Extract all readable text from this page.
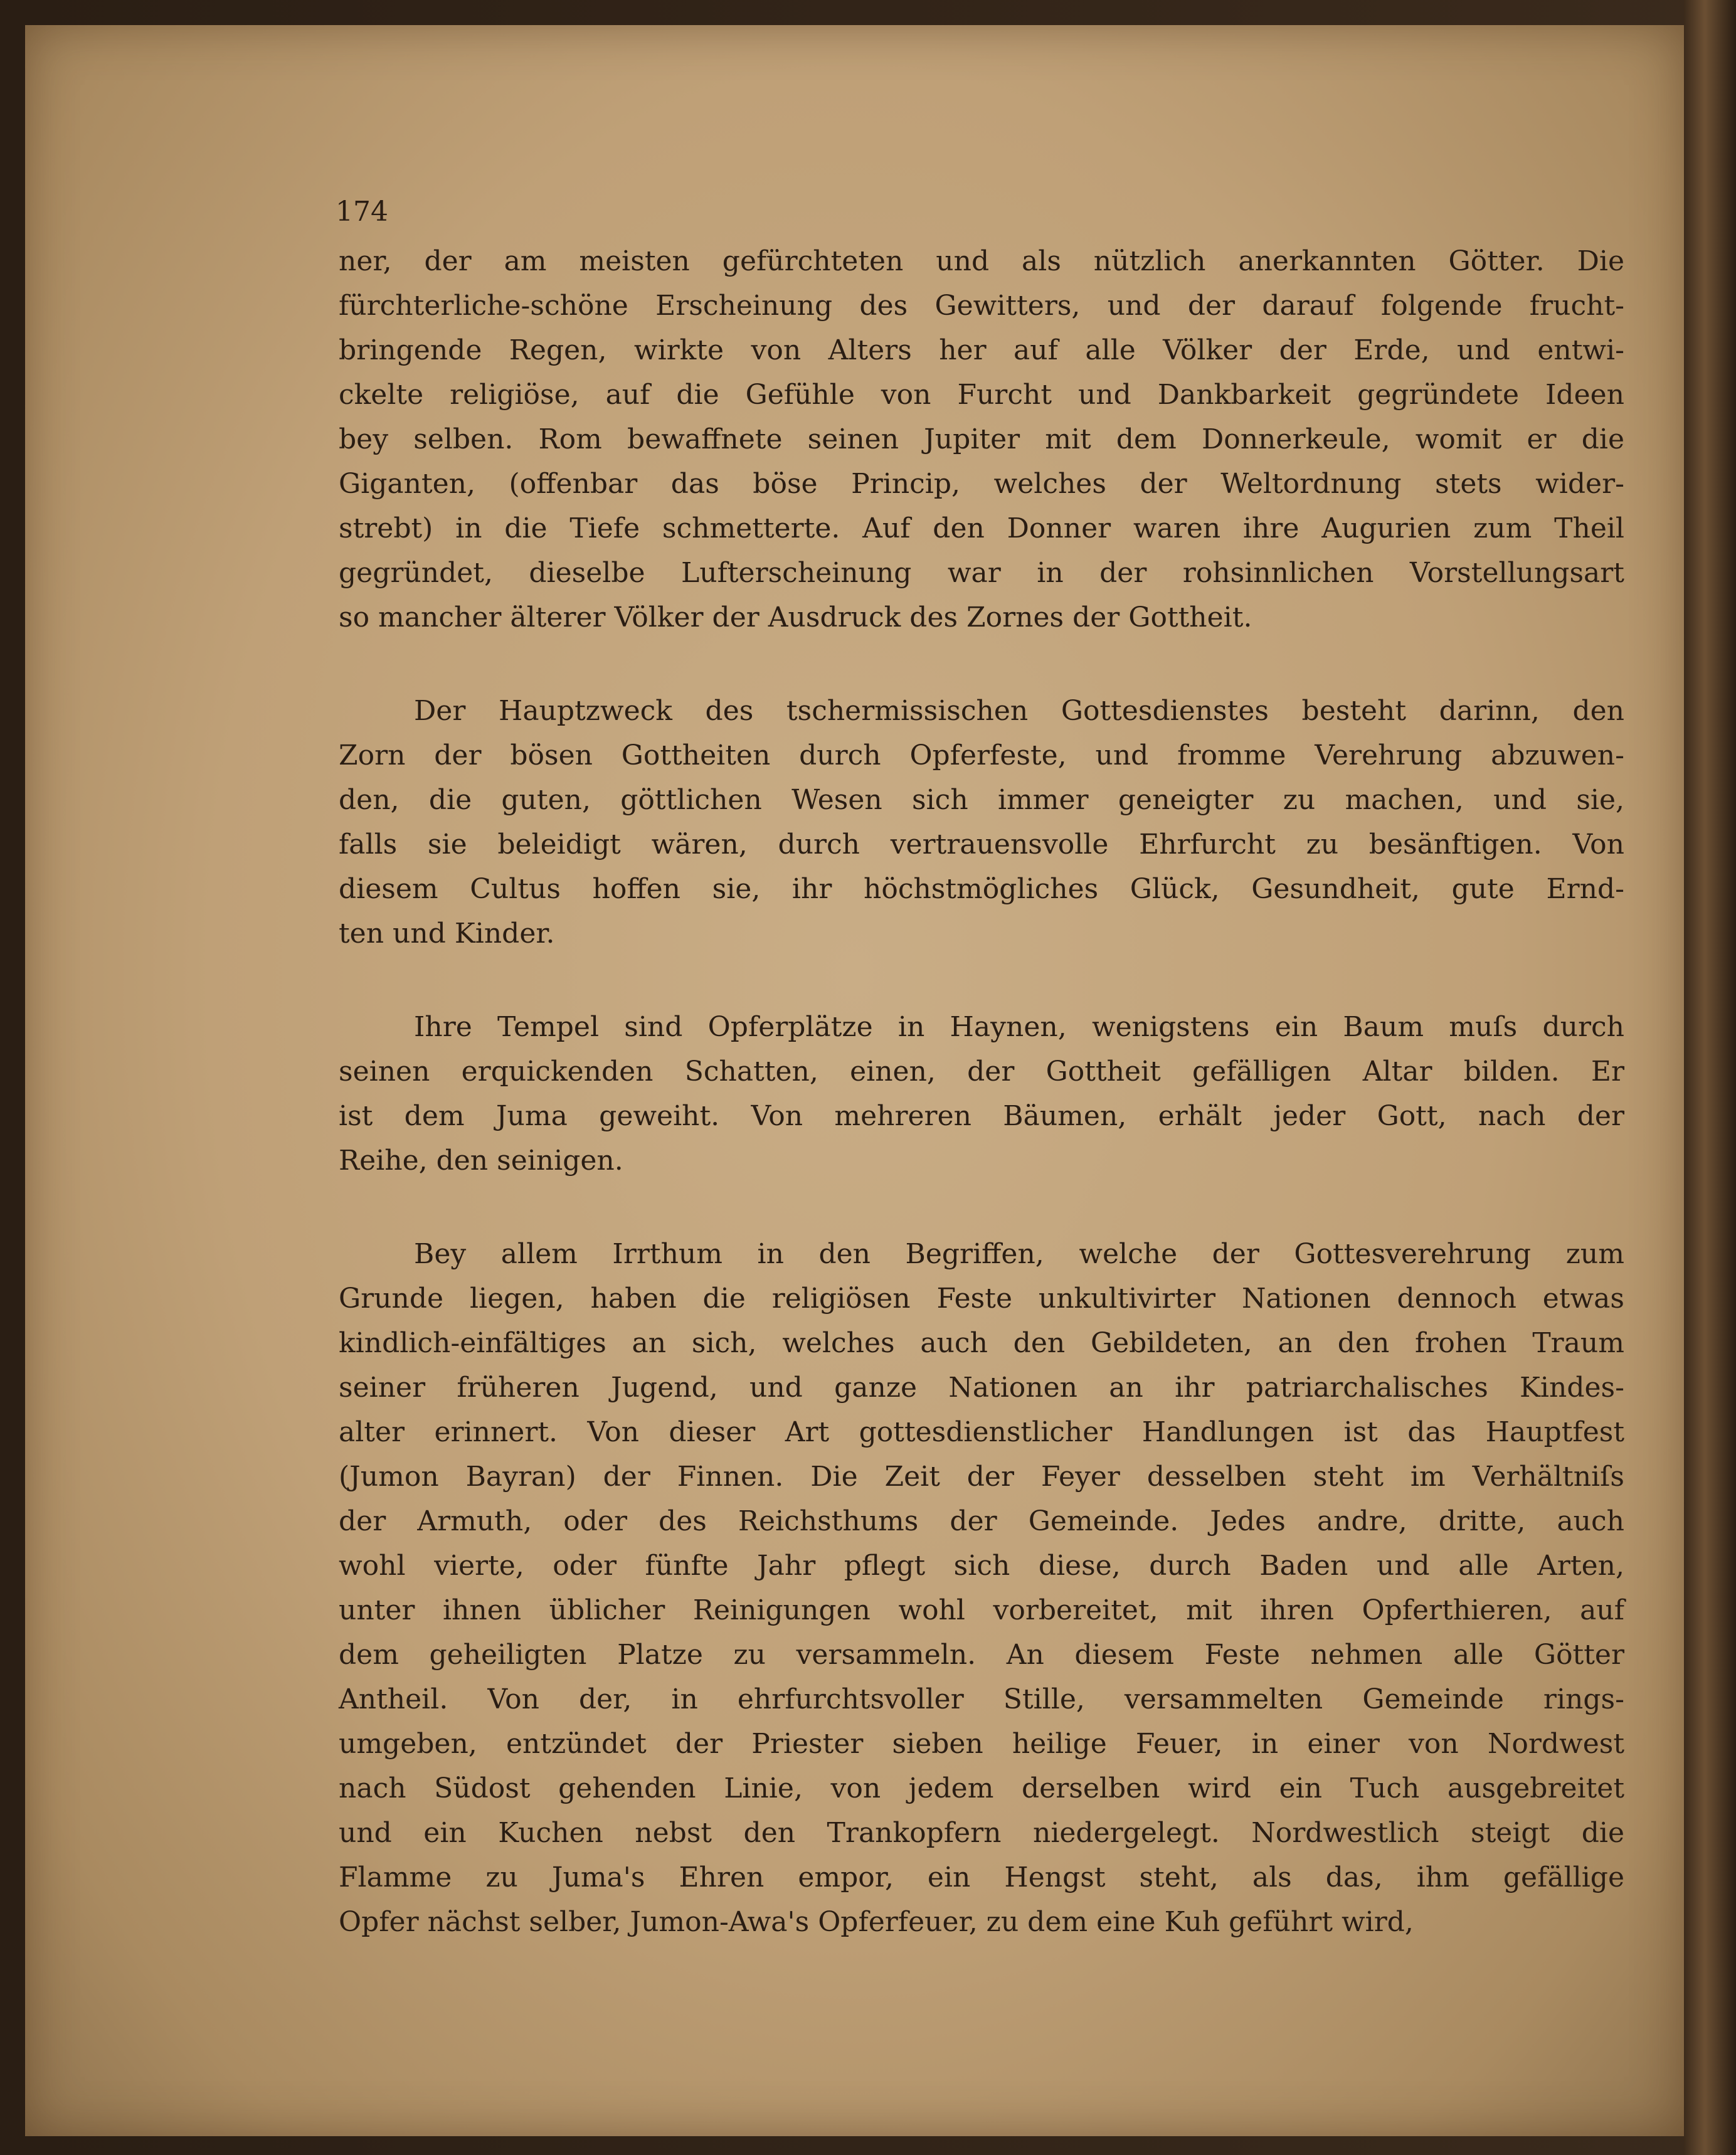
174
ner, der am meisten gefürchteten und als nützlich anerkannten Götter. Die
fürchterliche-schöne Erscheinung des Gewitters, und der darauf folgende frucht-
bringende Regen, wirkte von Alters her auf alle Völker der Erde, und entwi-
ckelte religiöse, auf die Gefühle von Furcht und Dankbarkeit gegründete Ideen
bey selben. Rom bewaffnete seinen Jupiter mit dem Donnerkeule, womit er die
Giganten, (offenbar das böse Princip, welches der Weltordnung stets wider-
strebt) in die Tiefe schmetterte. Auf den Donner waren ihre Augurien zum Theil
gegründet, dieselbe Lufterscheinung war in der rohsinnlichen Vorstellungsart
so mancher älterer Völker der Ausdruck des Zornes der Gottheit.
Der Hauptzweck des tschermissischen Gottesdienstes besteht darinn, den
Zorn der bösen Gottheiten durch Opferfeste, und fromme Verehrung abzuwen-
den, die guten, göttlichen Wesen sich immer geneigter zu machen, und sie,
falls sie beleidigt wären, durch vertrauensvolle Ehrfurcht zu besänftigen. Von
diesem Cultus hoffen sie, ihr höchstmögliches Glück, Gesundheit, gute Ernd-
ten und Kinder.
Ihre Tempel sind Opferplätze in Haynen, wenigstens ein Baum muſs durch
seinen erquickenden Schatten, einen, der Gottheit gefälligen Altar bilden. Er
ist dem Juma geweiht. Von mehreren Bäumen, erhält jeder Gott, nach der
Reihe, den seinigen.
Bey allem Irrthum in den Begriffen, welche der Gottesverehrung zum
Grunde liegen, haben die religiösen Feste unkultivirter Nationen dennoch etwas
kindlich-einfältiges an sich, welches auch den Gebildeten, an den frohen Traum
seiner früheren Jugend, und ganze Nationen an ihr patriarchalisches Kindes-
alter erinnert. Von dieser Art gottesdienstlicher Handlungen ist das Hauptfest
(Jumon Bayran) der Finnen. Die Zeit der Feyer desselben steht im Verhältniſs
der Armuth, oder des Reichsthums der Gemeinde. Jedes andre, dritte, auch
wohl vierte, oder fünfte Jahr pflegt sich diese, durch Baden und alle Arten,
unter ihnen üblicher Reinigungen wohl vorbereitet, mit ihren Opferthieren, auf
dem geheiligten Platze zu versammeln. An diesem Feste nehmen alle Götter
Antheil. Von der, in ehrfurchtsvoller Stille, versammelten Gemeinde rings-
umgeben, entzündet der Priester sieben heilige Feuer, in einer von Nordwest
nach Südost gehenden Linie, von jedem derselben wird ein Tuch ausgebreitet
und ein Kuchen nebst den Trankopfern niedergelegt. Nordwestlich steigt die
Flamme zu Juma's Ehren empor, ein Hengst steht, als das, ihm gefällige
Opfer nächst selber, Jumon-Awa's Opferfeuer, zu dem eine Kuh geführt wird,
